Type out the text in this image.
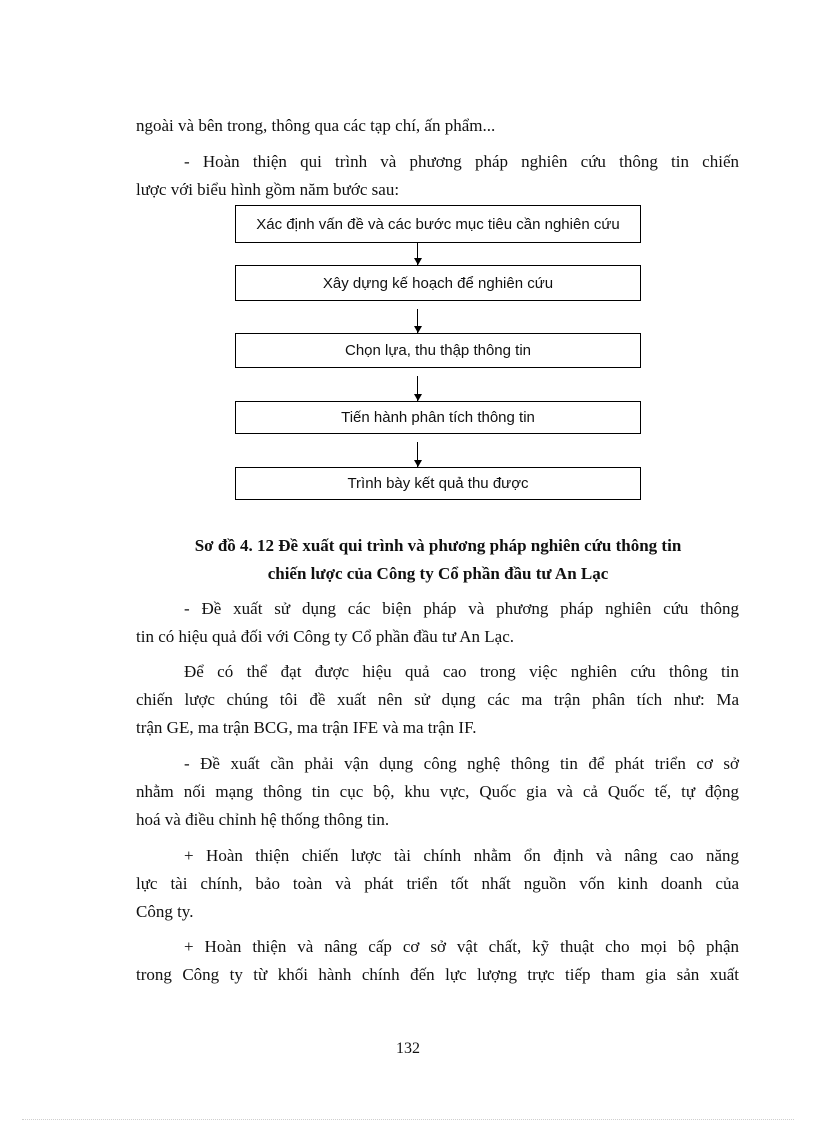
ngoài và bên trong, thông qua các tạp chí, ấn phẩm...
- Hoàn thiện qui trình và phương pháp nghiên cứu thông tin chiến
lược với biểu hình gồm năm bước sau:
Xác định vấn đề và các bước mục tiêu cần nghiên cứu
Xây dựng kế hoạch để nghiên cứu
Chọn lựa, thu thập thông tin
Tiến hành phân tích thông tin
Trình bày kết quả thu được
Sơ đồ 4. 12 Đề xuất qui trình và phương pháp nghiên cứu thông tin
chiến lược của Công ty Cổ phần đầu tư An Lạc
- Đề xuất sử dụng các biện pháp và phương pháp nghiên cứu thông
tin có hiệu quả đối với Công ty Cổ phần đầu tư An Lạc.
Để có thể đạt được hiệu quả cao trong việc nghiên cứu thông tin
chiến lược chúng tôi đề xuất nên sử dụng các ma trận phân tích như: Ma
trận GE, ma trận BCG, ma trận IFE và ma trận IF.
- Đề xuất cần phải vận dụng công nghệ thông tin để phát triển cơ sở
nhằm nối mạng thông tin cục bộ, khu vực, Quốc gia và cả Quốc tế, tự động
hoá và điều chỉnh hệ thống thông tin.
+ Hoàn thiện chiến lược tài chính nhằm ổn định và nâng cao năng
lực tài chính, bảo toàn và phát triển tốt nhất nguồn vốn kinh doanh của
Công ty.
+ Hoàn thiện và nâng cấp cơ sở vật chất, kỹ thuật cho mọi bộ phận
trong Công ty từ khối hành chính đến lực lượng trực tiếp tham gia sản xuất
132
